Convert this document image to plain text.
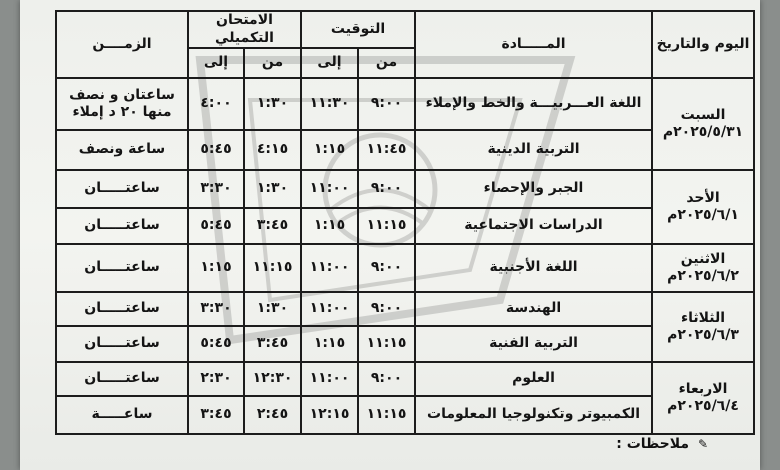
اليوم والتاريخ	المـــــادة	التوقيت		الامتحان التكميلي		الزمــــن
		من	إلى	من	إلى	

السبت
٢٠٢٥/٥/٣١م	اللغة العـــربيـــة والخط والإملاء	٩:٠٠	١١:٣٠	١:٣٠	٤:٠٠	ساعتان و نصف منها ٢٠ د إملاء
	التربية الدينية	١١:٤٥	١:١٥	٤:١٥	٥:٤٥	ساعة ونصف

الأحد
٢٠٢٥/٦/١م	الجبر والإحصاء	٩:٠٠	١١:٠٠	١:٣٠	٣:٣٠	ساعتـــــان
	الدراسات الاجتماعية	١١:١٥	١:١٥	٣:٤٥	٥:٤٥	ساعتـــــان

الاثنين
٢٠٢٥/٦/٢م	اللغة الأجنبية	٩:٠٠	١١:٠٠	١١:١٥	١:١٥	ساعتـــــان

الثلاثاء
٢٠٢٥/٦/٣م	الهندسة	٩:٠٠	١١:٠٠	١:٣٠	٣:٣٠	ساعتـــــان
	التربية الفنية	١١:١٥	١:١٥	٣:٤٥	٥:٤٥	ساعتـــــان

الاربعاء
٢٠٢٥/٦/٤م	العلوم	٩:٠٠	١١:٠٠	١٢:٣٠	٢:٣٠	ساعتـــــان
	الكمبيوتر وتكنولوجيا المعلومات	١١:١٥	١٢:١٥	٢:٤٥	٣:٤٥	ساعـــــة
✎ ملاحظات :
